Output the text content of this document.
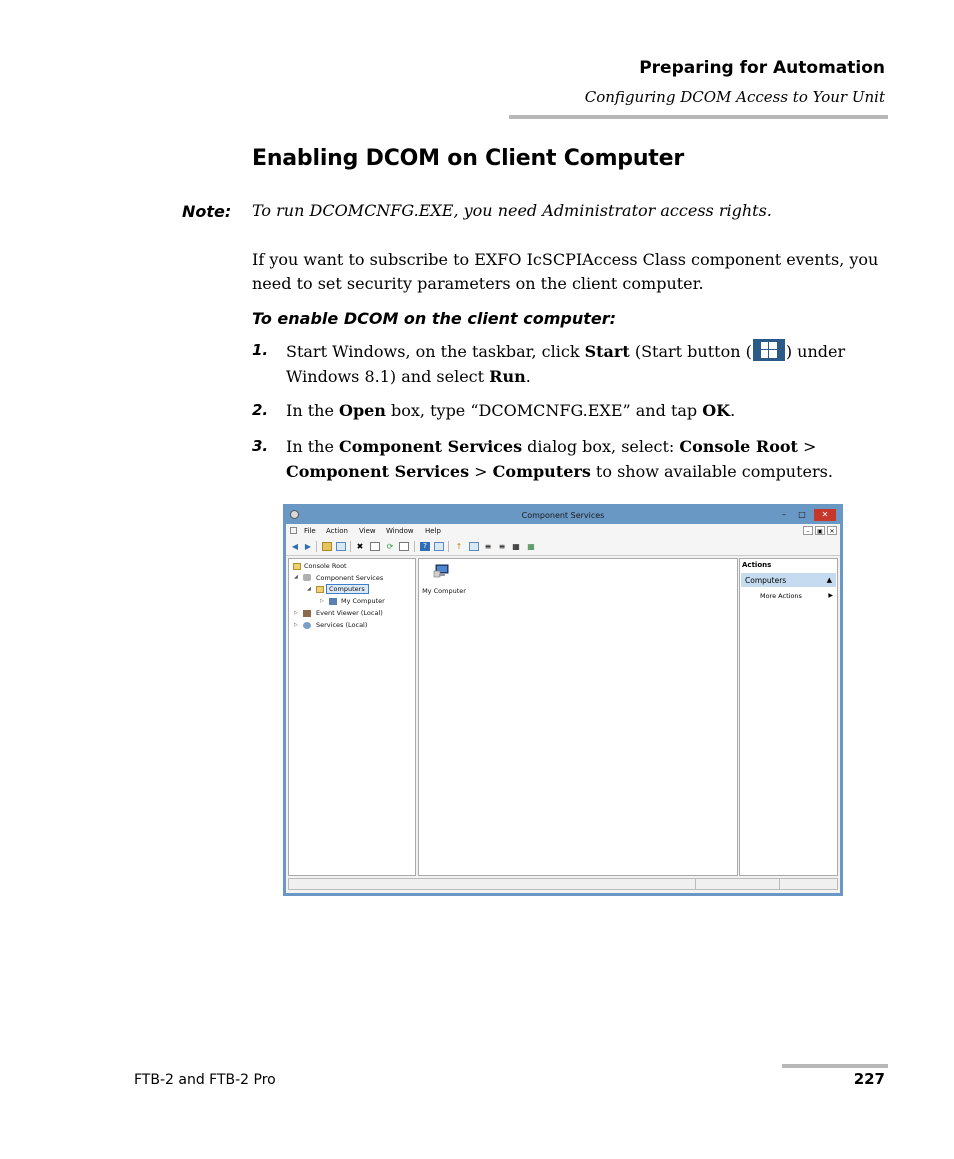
Preparing for Automation
Configuring DCOM Access to Your Unit
Enabling DCOM on Client Computer
Note: To run DCOMCNFG.EXE, you need Administrator access rights.
If you want to subscribe to EXFO IcSCPIAccess Class component events, you need to set security parameters on the client computer.
To enable DCOM on the client computer:
1. Start Windows, on the taskbar, click Start (Start button ( ) under Windows 8.1) and select Run.
2. In the Open box, type “DCOMCNFG.EXE” and tap OK.
3. In the Component Services dialog box, select: Console Root >
Component Services > Computers to show available computers.
Component Services	–	□	✕
File Action View Window Help	–	▣	✕
◀ ▶	✖	⟳	?	↑	≡ ≡ ▦ ▦
Console Root
◢	Component Services
◢	Computers
▷	My Computer
▷	Event Viewer (Local)
▷	Services (Local)
My Computer
Actions
Computers	▲
More Actions	▶
FTB-2 and FTB-2 Pro	227
